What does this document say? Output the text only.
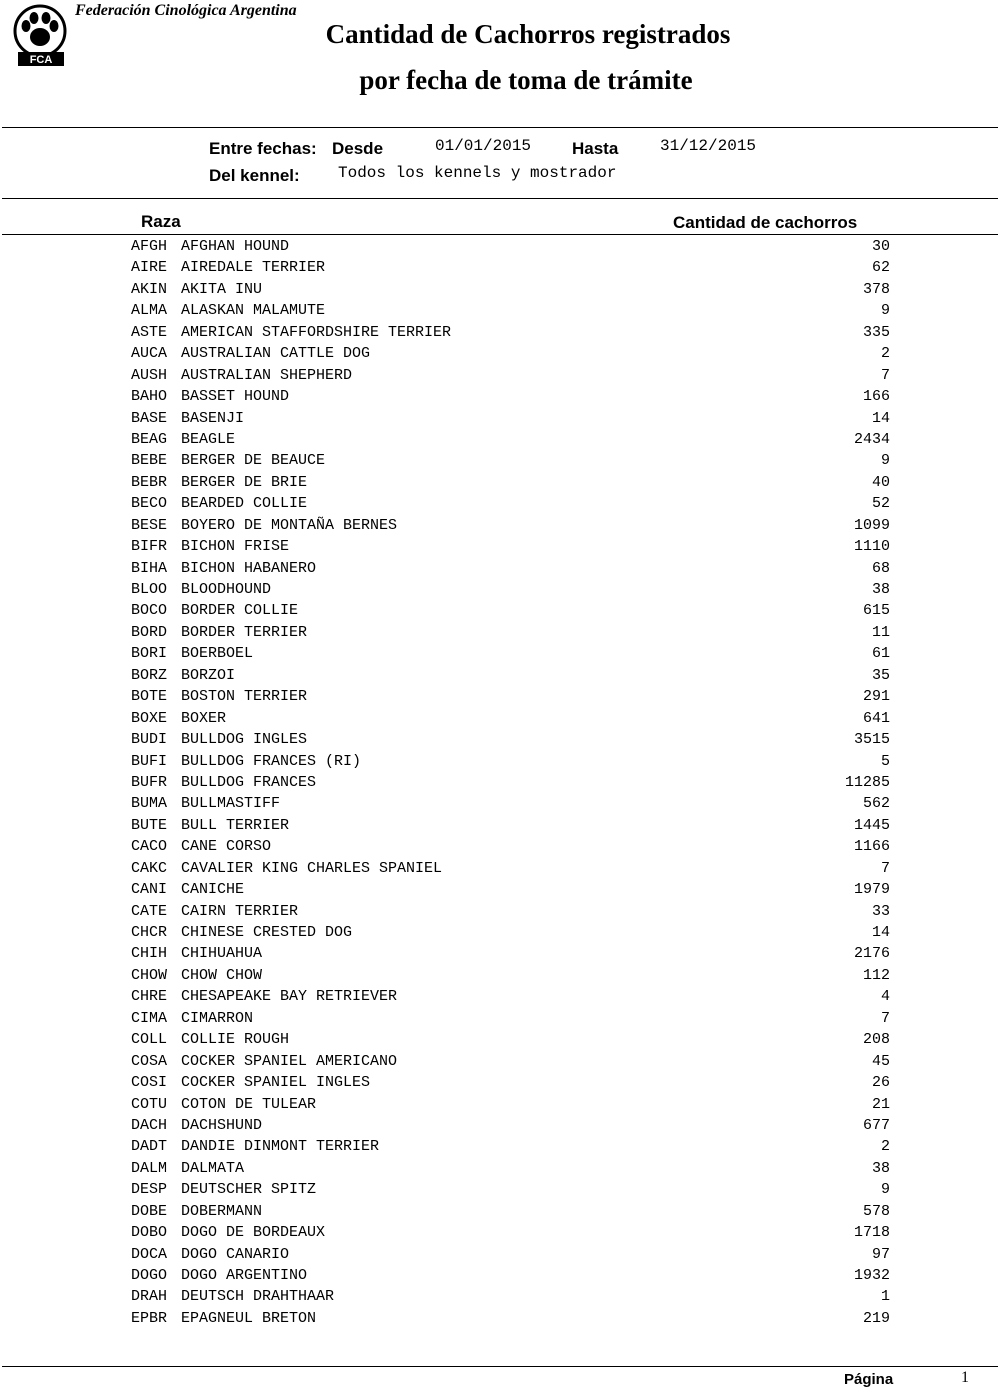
FCA
Federación Cinológica Argentina
Cantidad de Cachorros registrados
por fecha de toma de trámite
Entre fechas: Desde	01/01/2015 Hasta	31/12/2015
Del kennel: Todos los kennels y mostrador
Raza	Cantidad de cachorros
AFGH AFGHAN HOUND	30
AIRE AIREDALE TERRIER	62
AKIN AKITA INU	378
ALMA ALASKAN MALAMUTE	9
ASTE AMERICAN STAFFORDSHIRE TERRIER	335
AUCA AUSTRALIAN CATTLE DOG	2
AUSH AUSTRALIAN SHEPHERD	7
BAHO BASSET HOUND	166
BASE BASENJI	14
BEAG BEAGLE	2434
BEBE BERGER DE BEAUCE	9
BEBR BERGER DE BRIE	40
BECO BEARDED COLLIE	52
BESE BOYERO DE MONTAÑA BERNES	1099
BIFR BICHON FRISE	1110
BIHA BICHON HABANERO	68
BLOO BLOODHOUND	38
BOCO BORDER COLLIE	615
BORD BORDER TERRIER	11
BORI BOERBOEL	61
BORZ BORZOI	35
BOTE BOSTON TERRIER	291
BOXE BOXER	641
BUDI BULLDOG INGLES	3515
BUFI BULLDOG FRANCES (RI)	5
BUFR BULLDOG FRANCES	11285
BUMA BULLMASTIFF	562
BUTE BULL TERRIER	1445
CACO CANE CORSO	1166
CAKC CAVALIER KING CHARLES SPANIEL	7
CANI CANICHE	1979
CATE CAIRN TERRIER	33
CHCR CHINESE CRESTED DOG	14
CHIH CHIHUAHUA	2176
CHOW CHOW CHOW	112
CHRE CHESAPEAKE BAY RETRIEVER	4
CIMA CIMARRON	7
COLL COLLIE ROUGH	208
COSA COCKER SPANIEL AMERICANO	45
COSI COCKER SPANIEL INGLES	26
COTU COTON DE TULEAR	21
DACH DACHSHUND	677
DADT DANDIE DINMONT TERRIER	2
DALM DALMATA	38
DESP DEUTSCHER SPITZ	9
DOBE DOBERMANN	578
DOBO DOGO DE BORDEAUX	1718
DOCA DOGO CANARIO	97
DOGO DOGO ARGENTINO	1932
DRAH DEUTSCH DRAHTHAAR	1
EPBR EPAGNEUL BRETON	219
Página	1
